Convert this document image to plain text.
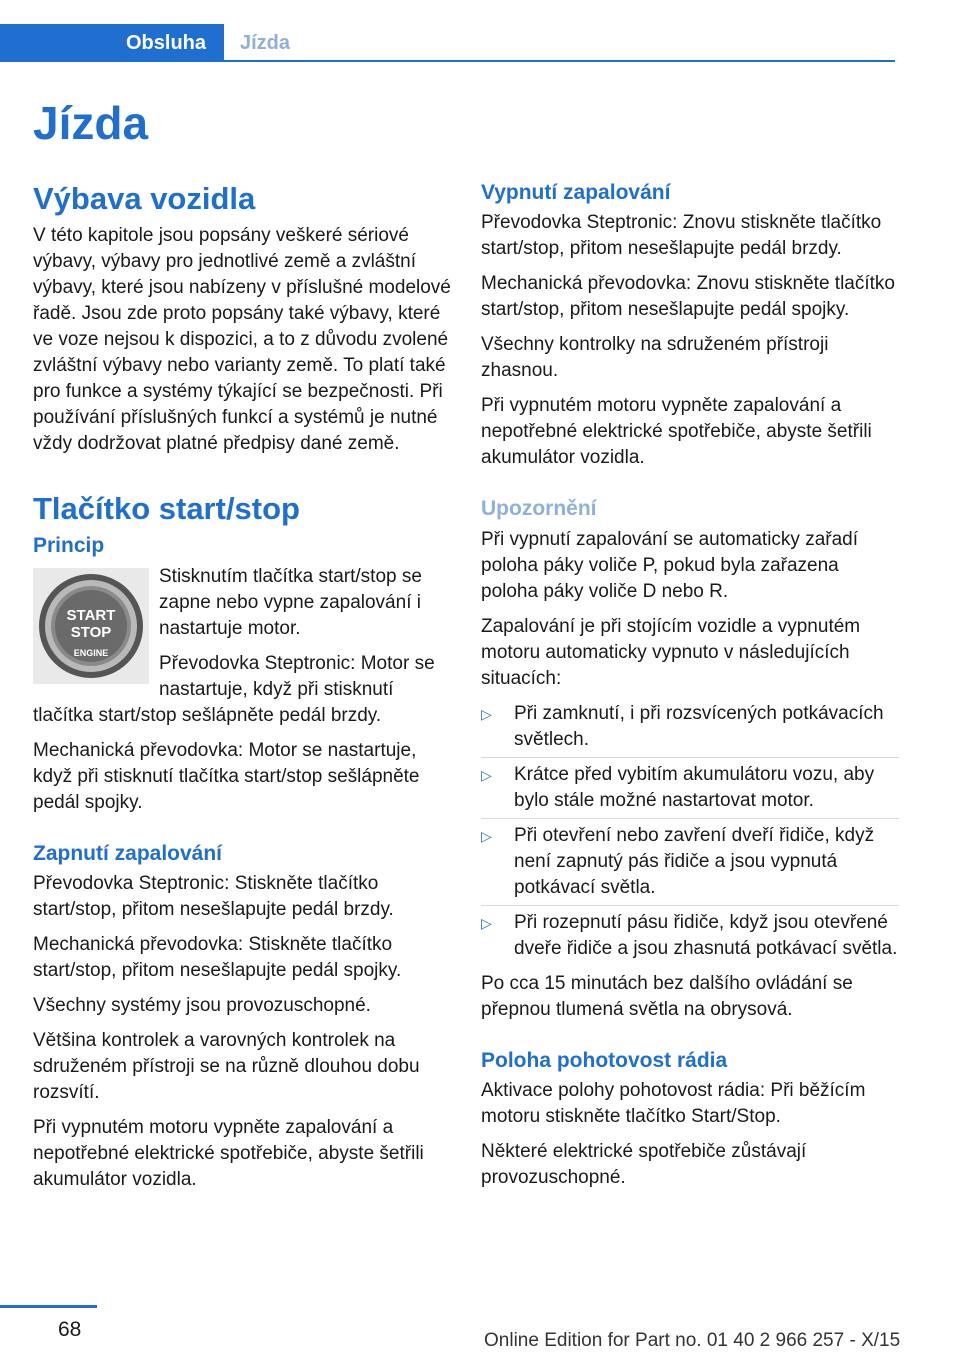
Obsluha Jízda
Jízda
Výbava vozidla

V této kapitole jsou popsány veškeré sériové výbavy, výbavy pro jednotlivé země a zvláštní výbavy, které jsou nabízeny v příslušné modelové řadě. Jsou zde proto popsány také výbavy, které ve voze nejsou k dispozici, a to z důvodu zvolené zvláštní výbavy nebo varianty země. To platí také pro funkce a systémy týkající se bezpečnosti. Při používání příslušných funkcí a systémů je nutné vždy dodržovat platné předpisy dané země.

Tlačítko start/stop
Princip
START
STOP
ENGINE

Stisknutím tlačítka start/stop se zapne nebo vypne zapalování i nastartuje motor.

Převodovka Steptronic: Motor se nastartuje, když při stisknutí tlačítka start/stop sešlápněte pedál brzdy.

Mechanická převodovka: Motor se nastartuje, když při stisknutí tlačítka start/stop sešlápněte pedál spojky.

Zapnutí zapalování

Převodovka Steptronic: Stiskněte tlačítko start/stop, přitom nesešlapujte pedál brzdy.

Mechanická převodovka: Stiskněte tlačítko start/stop, přitom nesešlapujte pedál spojky.

Všechny systémy jsou provozuschopné.

Většina kontrolek a varovných kontrolek na sdruženém přístroji se na různě dlouhou dobu rozsvítí.

Při vypnutém motoru vypněte zapalování a nepotřebné elektrické spotřebiče, abyste šetřili akumulátor vozidla.

Vypnutí zapalování

Převodovka Steptronic: Znovu stiskněte tlačítko start/stop, přitom nesešlapujte pedál brzdy.

Mechanická převodovka: Znovu stiskněte tlačítko start/stop, přitom nesešlapujte pedál spojky.

Všechny kontrolky na sdruženém přístroji zhasnou.

Při vypnutém motoru vypněte zapalování a nepotřebné elektrické spotřebiče, abyste šetřili akumulátor vozidla.

Upozornění

Při vypnutí zapalování se automaticky zařadí poloha páky voliče P, pokud byla zařazena poloha páky voliče D nebo R.

Zapalování je při stojícím vozidle a vypnutém motoru automaticky vypnuto v následujících situacích:

▷ Při zamknutí, i při rozsvícených potkávacích světlech.
▷ Krátce před vybitím akumulátoru vozu, aby bylo stále možné nastartovat motor.
▷ Při otevření nebo zavření dveří řidiče, když není zapnutý pás řidiče a jsou vypnutá potkávací světla.
▷ Při rozepnutí pásu řidiče, když jsou otevřené dveře řidiče a jsou zhasnutá potkávací světla.

Po cca 15 minutách bez dalšího ovládání se přepnou tlumená světla na obrysová.

Poloha pohotovost rádia

Aktivace polohy pohotovost rádia: Při běžícím motoru stiskněte tlačítko Start/Stop.

Některé elektrické spotřebiče zůstávají provozuschopné.

68	Online Edition for Part no. 01 40 2 966 257 - X/15
